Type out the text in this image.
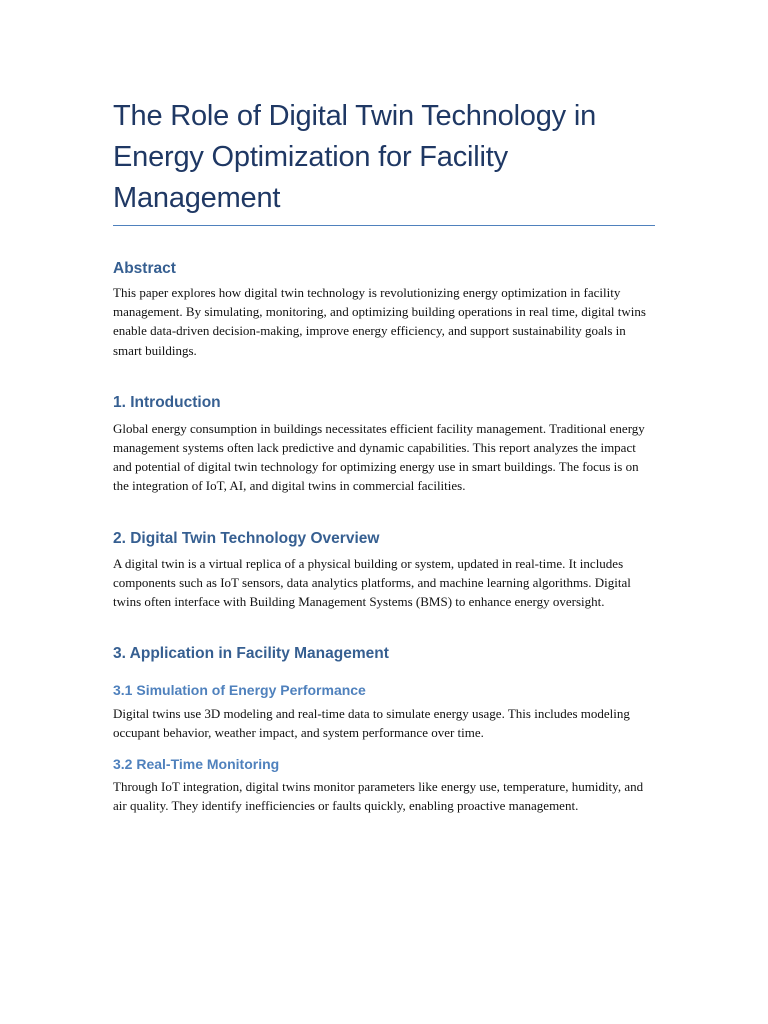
The Role of Digital Twin Technology in Energy Optimization for Facility Management
Abstract

This paper explores how digital twin technology is revolutionizing energy optimization in facility management. By simulating, monitoring, and optimizing building operations in real time, digital twins enable data-driven decision-making, improve energy efficiency, and support sustainability goals in smart buildings.

1. Introduction

Global energy consumption in buildings necessitates efficient facility management. Traditional energy management systems often lack predictive and dynamic capabilities. This report analyzes the impact and potential of digital twin technology for optimizing energy use in smart buildings. The focus is on the integration of IoT, AI, and digital twins in commercial facilities.

2. Digital Twin Technology Overview

A digital twin is a virtual replica of a physical building or system, updated in real-time. It includes components such as IoT sensors, data analytics platforms, and machine learning algorithms. Digital twins often interface with Building Management Systems (BMS) to enhance energy oversight.

3. Application in Facility Management
3.1 Simulation of Energy Performance

Digital twins use 3D modeling and real-time data to simulate energy usage. This includes modeling occupant behavior, weather impact, and system performance over time.

3.2 Real-Time Monitoring

Through IoT integration, digital twins monitor parameters like energy use, temperature, humidity, and air quality. They identify inefficiencies or faults quickly, enabling proactive management.
